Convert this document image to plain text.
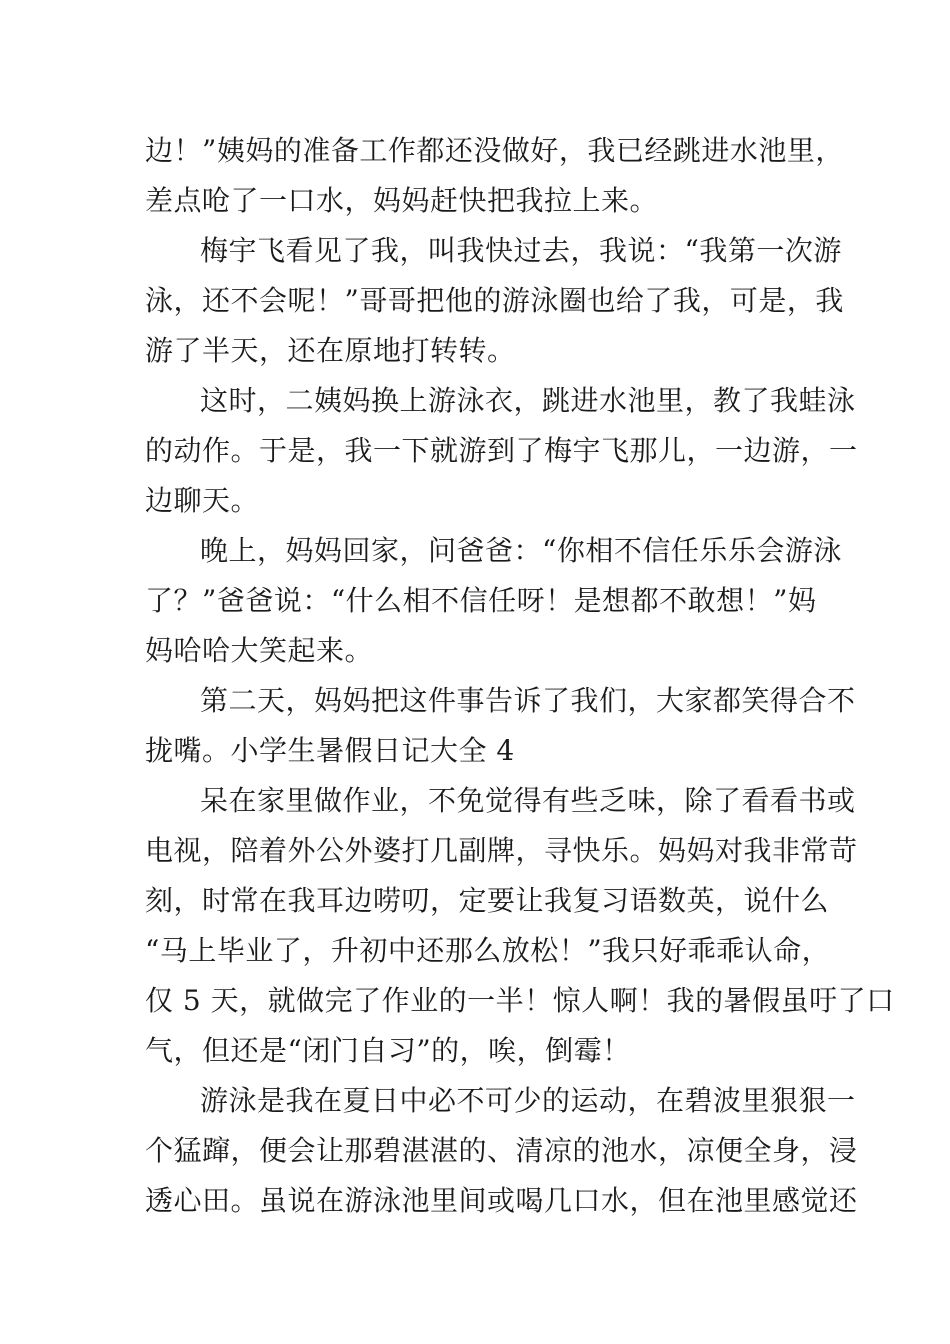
边！”姨妈的准备工作都还没做好，我已经跳进水池里，
差点呛了一口水，妈妈赶快把我拉上来。
梅宇飞看见了我，叫我快过去，我说：“我第一次游
泳，还不会呢！”哥哥把他的游泳圈也给了我，可是，我
游了半天，还在原地打转转。
这时，二姨妈换上游泳衣，跳进水池里，教了我蛙泳
的动作。于是，我一下就游到了梅宇飞那儿，一边游，一
边聊天。
晚上，妈妈回家，问爸爸：“你相不信任乐乐会游泳
了？”爸爸说：“什么相不信任呀！是想都不敢想！”妈
妈哈哈大笑起来。
第二天，妈妈把这件事告诉了我们，大家都笑得合不
拢嘴。小学生暑假日记大全 4
呆在家里做作业，不免觉得有些乏味，除了看看书或
电视，陪着外公外婆打几副牌，寻快乐。妈妈对我非常苛
刻，时常在我耳边唠叨，定要让我复习语数英，说什么
“马上毕业了，升初中还那么放松！”我只好乖乖认命，
仅 5 天，就做完了作业的一半！惊人啊！我的暑假虽吁了口
气，但还是“闭门自习”的，唉，倒霉！
游泳是我在夏日中必不可少的运动，在碧波里狠狠一
个猛蹿，便会让那碧湛湛的、清凉的池水，凉便全身，浸
透心田。虽说在游泳池里间或喝几口水，但在池里感觉还
